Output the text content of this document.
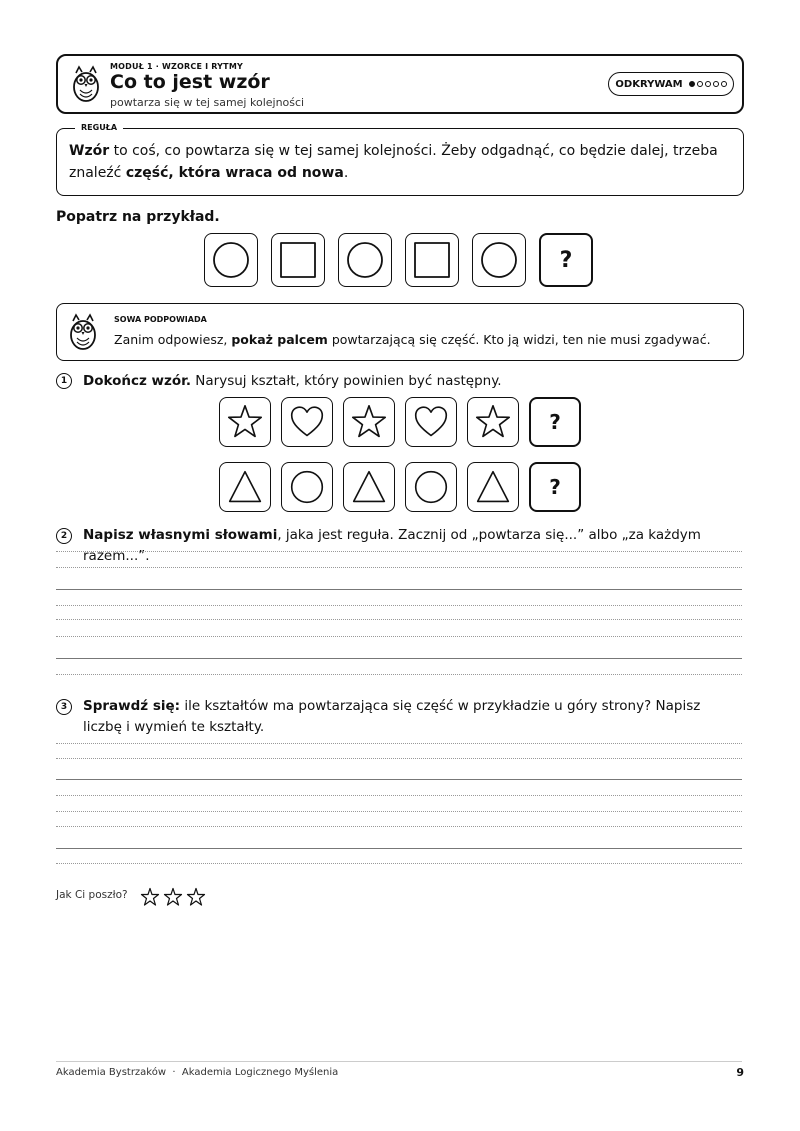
MODUŁ 1 · WZORCE I RYTMY
Co to jest wzór
powtarza się w tej samej kolejności
ODKRYWAM
REGUŁA
Wzór to coś, co powtarza się w tej samej kolejności. Żeby odgadnąć, co będzie dalej, trzeba znaleźć część, która wraca od nowa.
Popatrz na przykład.
?
SOWA PODPOWIADA
Zanim odpowiesz, pokaż palcem powtarzającą się część. Kto ją widzi, ten nie musi zgadywać.
1	Dokończ wzór. Narysuj kształt, który powinien być następny.
?
?
2	Napisz własnymi słowami, jaka jest reguła. Zacznij od „powtarza się...” albo „za każdym razem...”.
3	Sprawdź się: ile kształtów ma powtarzająca się część w przykładzie u góry strony? Napisz liczbę i wymień te kształty.
Jak Ci poszło?
Akademia Bystrzaków  ·  Akademia Logicznego Myślenia	9
